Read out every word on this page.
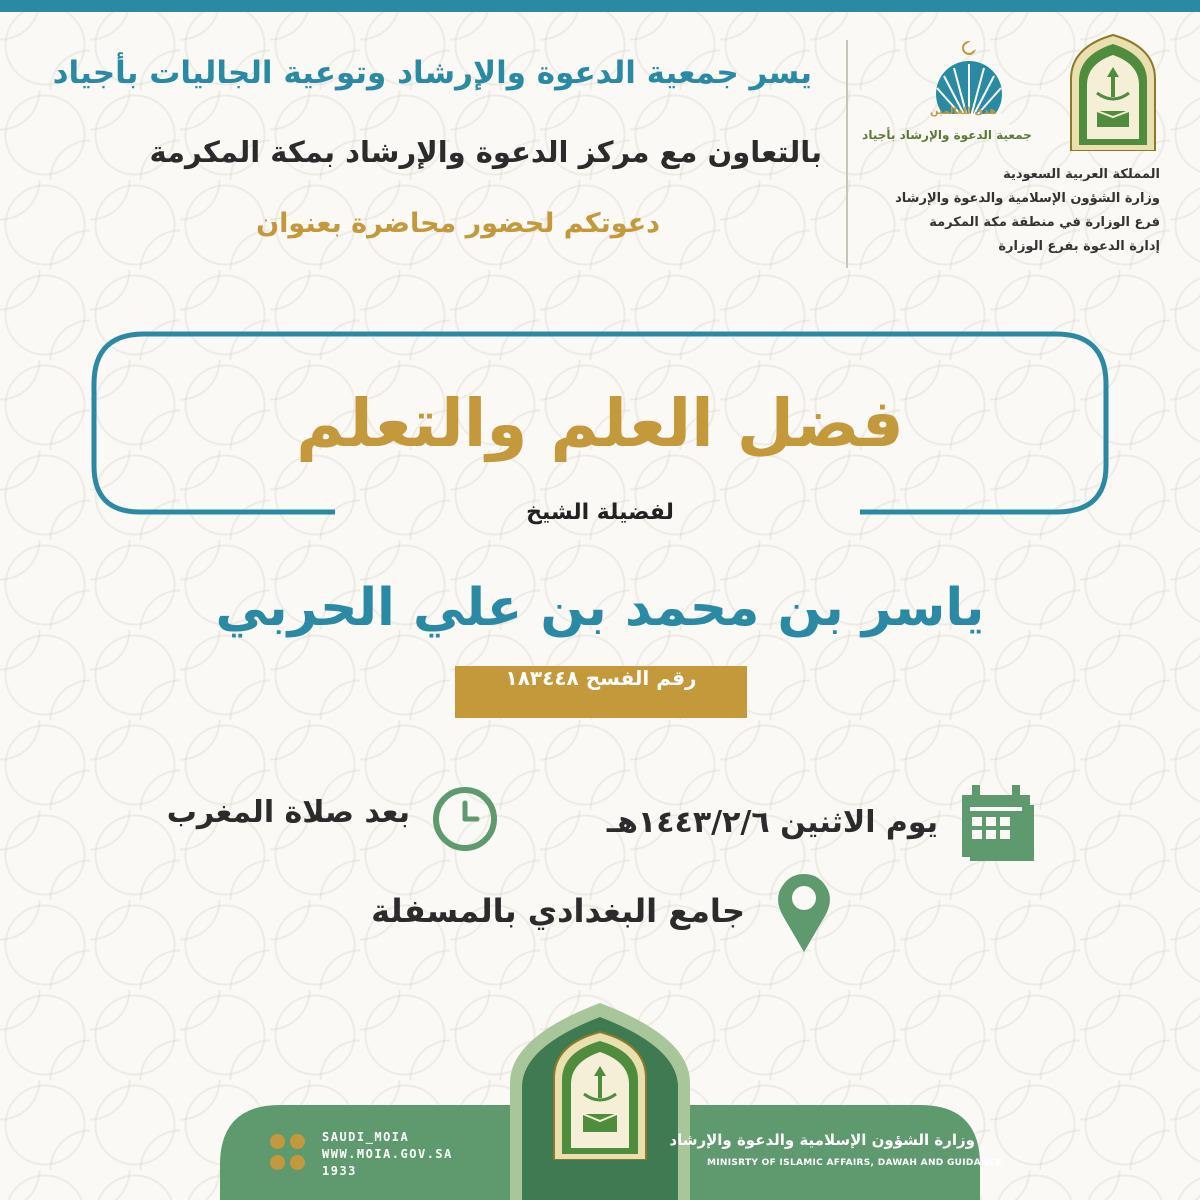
هدى للعالمين
جمعية الدعوة والإرشاد بأجياد
المملكة العربية السعودية
وزارة الشؤون الإسلامية والدعوة والإرشاد
فرع الوزارة في منطقة مكة المكرمة
إدارة الدعوة بفرع الوزارة
يسر جمعية الدعوة والإرشاد وتوعية الجاليات بأجياد
بالتعاون مع مركز الدعوة والإرشاد بمكة المكرمة
دعوتكم لحضور محاضرة بعنوان
فضل العلم والتعلم
لفضيلة الشيخ
ياسر بن محمد بن علي الحربي
رقم الفسح ١٨٣٤٤٨
بعد صلاة المغرب	يوم الاثنين ١٤٤٣/٢/٦هـ
جامع البغدادي بالمسفلة
وزارة الشؤون الإسلامية والدعوة والإرشاد
MINISRTY OF ISLAMIC AFFAIRS, DAWAH AND GUIDANCE
SAUDI_MOIA
WWW.MOIA.GOV.SA
1933
